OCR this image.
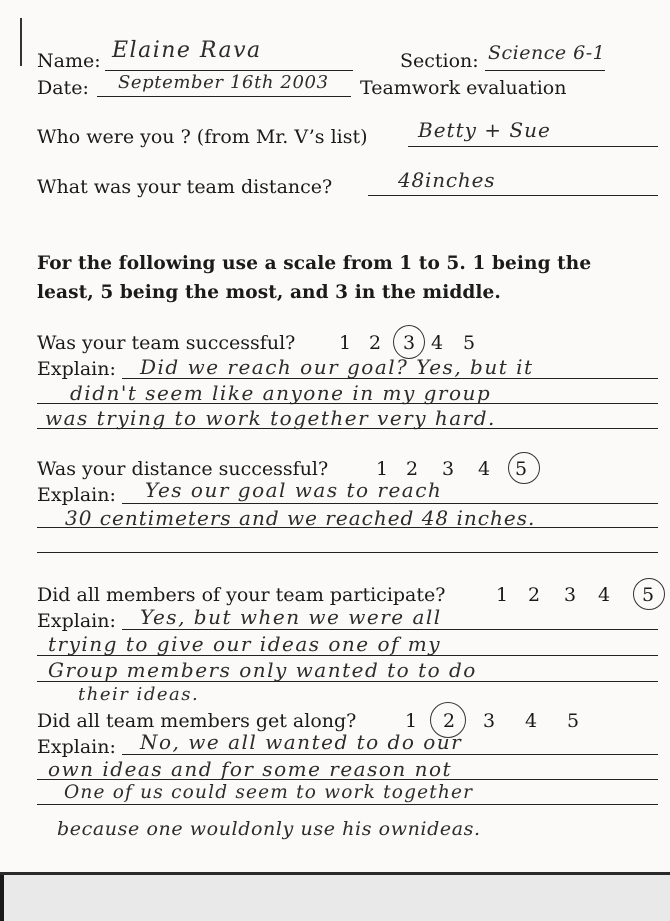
Name: Elaine Rava	Section: Science 6-1
Date: September 16th 2003 Teamwork evaluation
Who were you ? (from Mr. V’s list)	Betty + Sue
What was your team distance?	48inches
For the following use a scale from 1 to 5. 1 being the
least, 5 being the most, and 3 in the middle.
Was your team successful? 1 2 3 4 5
Explain: Did we reach our goal? Yes, but it
didn't seem like anyone in my group
was trying to work together very hard.
Was your distance successful?	1 2 3 4 5
Explain: Yes our goal was to reach
30 centimeters and we reached 48 inches.
Did all members of your team participate?	1 2 3 4 5
Explain: Yes, but when we were all
trying to give our ideas one of my
Group members only wanted to to do
their ideas.
Did all team members get along?	1 2 3 4 5
Explain: No, we all wanted to do our
own ideas and for some reason not
One of us could seem to work together
because one wouldonly use his ownideas.
